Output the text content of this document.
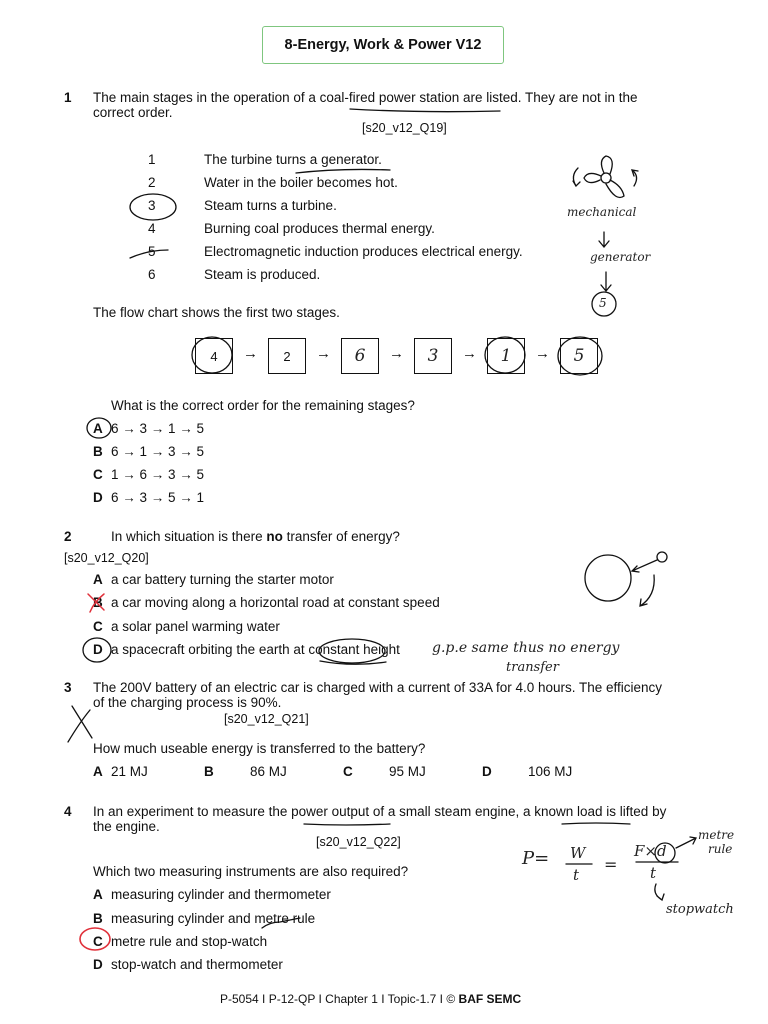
8-Energy, Work & Power V12
1 The main stages in the operation of a coal-fired power station are listed. They are not in the
correct order.
[s20_v12_Q19]
1	The turbine turns a generator.
2	Water in the boiler becomes hot.
3	Steam turns a turbine.
4	Burning coal produces thermal energy.
5	Electromagnetic induction produces electrical energy.
6	Steam is produced.
The flow chart shows the first two stages.
4	→	2	→	6	→	3	→	1	→	5
What is the correct order for the remaining stages?
A 6 → 3 → 1 → 5
B 6 → 1 → 3 → 5
C 1 → 6 → 3 → 5
D 6 → 3 → 5 → 1
mechanical
generator
5
2	In which situation is there no transfer of energy?
[s20_v12_Q20]
A a car battery turning the starter motor
B a car moving along a horizontal road at constant speed
C a solar panel warming water
D a spacecraft orbiting the earth at constant height g.p.e same thus no energy
transfer
3 The 200V battery of an electric car is charged with a current of 33A for 4.0 hours. The efficiency
of the charging process is 90%.
[s20_v12_Q21]
How much useable energy is transferred to the battery?
A 21 MJ	B	86 MJ	C	95 MJ	D	106 MJ
4 In an experiment to measure the power output of a small steam engine, a known load is lifted by
the engine.
[s20_v12_Q22]
Which two measuring instruments are also required?
A measuring cylinder and thermometer
B measuring cylinder and metre rule
C metre rule and stop-watch
D stop-watch and thermometer
P= W
t
=
F×d
t
metre
rule
stopwatch
P-5054 I P-12-QP I Chapter 1 I Topic-1.7 I © BAF SEMC
